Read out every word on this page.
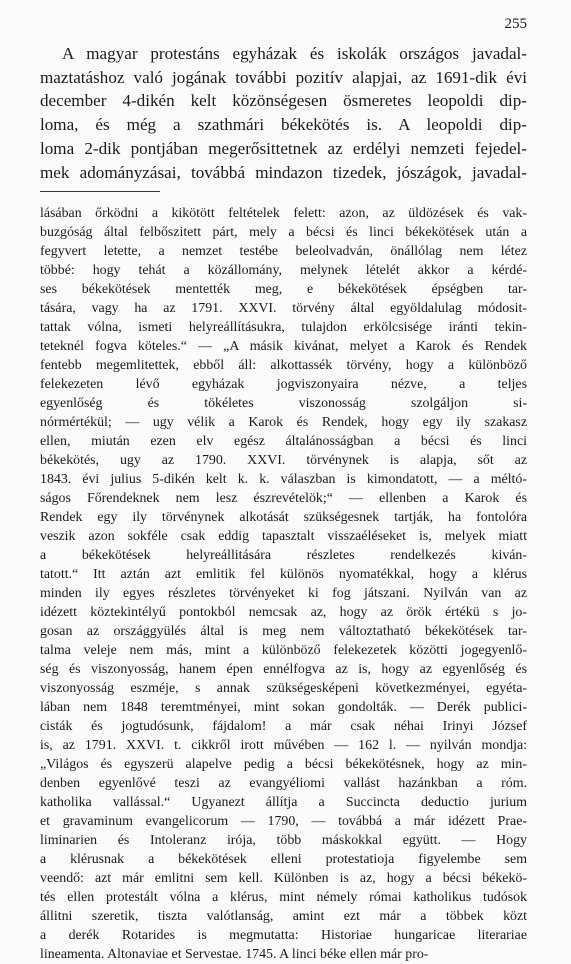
255
A magyar protestáns egyházak és iskolák országos javadal-
maztatáshoz való jogának további pozitív alapjai, az 1691-dik évi
december 4-dikén kelt közönségesen ösmeretes leopoldi dip-
loma, és még a szathmári békekötés is. A leopoldi dip-
loma 2-dik pontjában megerősittetnek az erdélyi nemzeti fejedel-
mek adományzásai, továbbá mindazon tizedek, jószágok, javadal-
lásában őrködni a kikötött feltételek felett: azon, az üldözések és vak-
buzgóság által felbőszitett párt, mely a bécsi és linci békekötések után a
fegyvert letette, a nemzet testébe beleolvadván, önállólag nem létez
többé: hogy tehát a közállomány, melynek lételét akkor a kérdé-
ses békekötések mentették meg, e békekötések épségben tar-
tására, vagy ha az 1791. XXVI. törvény által egyöldalulag módosit-
tattak vólna, ismeti helyreállításukra, tulajdon erkölcsisége iránti tekin-
teteknél fogva köteles.“ — „A másik kivánat, melyet a Karok és Rendek
fentebb megemlitettek, ebből áll: alkottassék törvény, hogy a különböző
felekezeten lévő egyházak jogviszonyaira nézve, a teljes
egyenlőség és tökéletes viszonosság szolgáljon si-
nórmértékül; — ugy vélik a Karok és Rendek, hogy egy ily szakasz
ellen, miután ezen elv egész általánosságban a bécsi és linci
békekötés, ugy az 1790. XXVI. törvénynek is alapja, sőt az
1843. évi julius 5-dikén kelt k. k. válaszban is kimondatott, — a méltó-
ságos Főrendeknek nem lesz észrevételök;“ — ellenben a Karok és
Rendek egy ily törvénynek alkotását szükségesnek tartják, ha fontolóra
veszik azon sokféle csak eddig tapasztalt visszaéléseket is, melyek miatt
a békekötések helyreállitására részletes rendelkezés kiván-
tatott.“ Itt aztán azt emlitik fel különös nyomatékkal, hogy a klérus
minden ily egyes részletes törvényeket ki fog játszani. Nyilván van az
idézett köztekintélyű pontokból nemcsak az, hogy az örök értékü s jo-
gosan az országgyülés által is meg nem változtatható békekötések tar-
talma veleje nem más, mint a különböző felekezetek közötti jogegyenlő-
ség és viszonyosság, hanem épen ennélfogva az is, hogy az egyenlőség és
viszonyosság eszméje, s annak szükségesképeni következményei, egyéta-
lában nem 1848 teremtményei, mint sokan gondolták. — Derék publici-
cisták és jogtudósunk, fájdalom! a már csak néhai Irinyi József
is, az 1791. XXVI. t. cikkről irott művében — 162 l. — nyilván mondja:
„Világos és egyszerü alapelve pedig a bécsi békekötésnek, hogy az min-
denben egyenlővé teszi az evangyéliomi vallást hazánkban a róm.
katholika vallással.“ Ugyanezt állítja a Succincta deductio jurium
et gravaminum evangelicorum — 1790, — továbbá a már idézett Prae-
liminarien és Intoleranz irója, több máskokkal együtt. — Hogy
a klérusnak a békekötések elleni protestatioja figyelembe sem
veendő: azt már emlitni sem kell. Különben is az, hogy a bécsi békekö-
tés ellen protestált vólna a klérus, mint némely római katholikus tudósok
állitni szeretik, tiszta valótlanság, amint ezt már a többek közt
a derék Rotarides is megmutatta: Historiae hungaricae literariae
lineamenta. Altonaviae et Servestae. 1745. A linci béke ellen már pro-
